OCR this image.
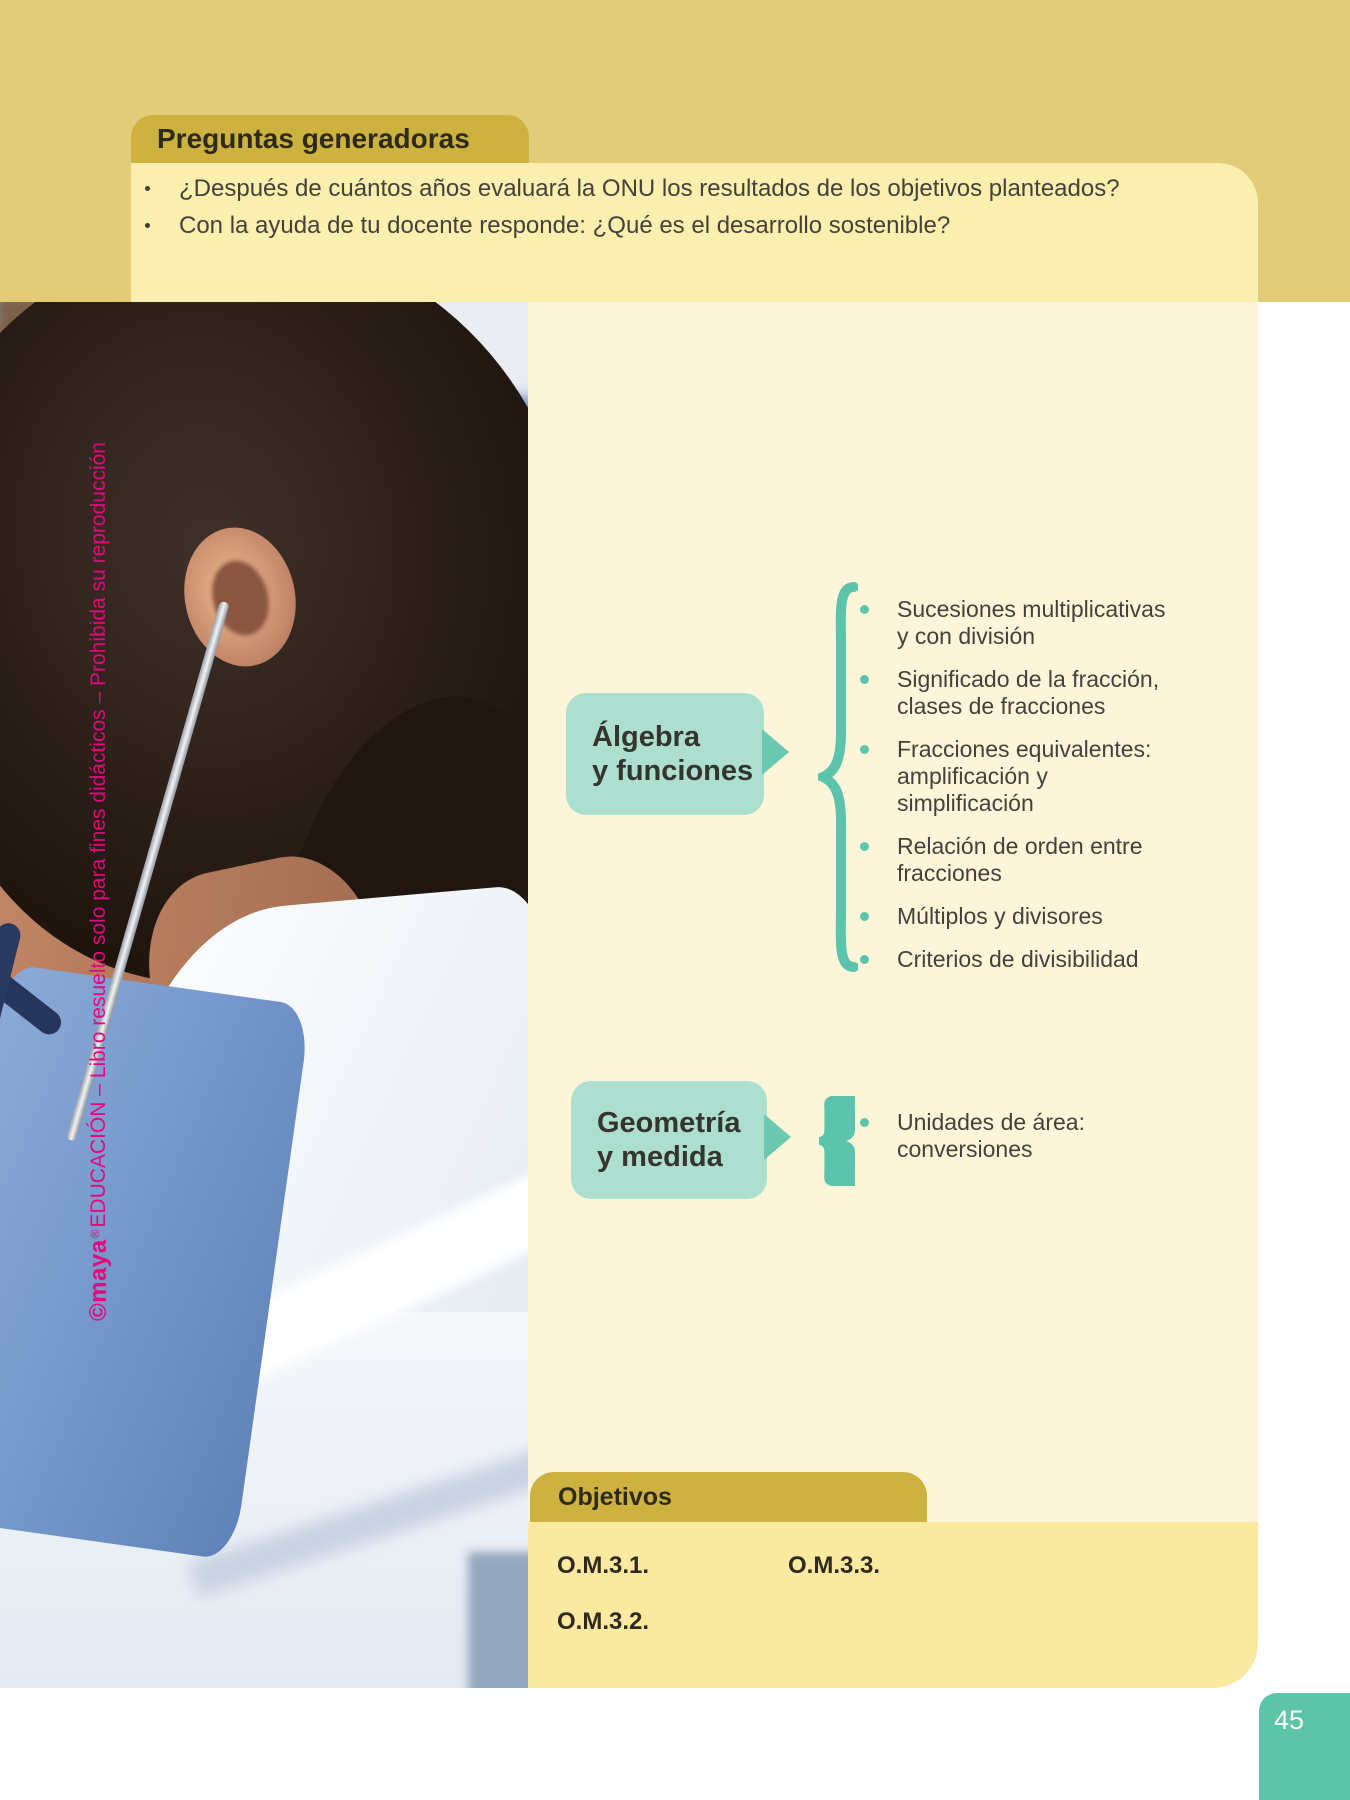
Preguntas generadoras
¿Después de cuántos años evaluará la ONU los resultados de los objetivos planteados?
Con la ayuda de tu docente responde: ¿Qué es el desarrollo sostenible?
©maya
®
EDUCACIÓN – Libro resuelto solo para fines didácticos – Prohibida su reproducción	Álgebra
y funciones
Sucesiones multiplicativas y con división
Significado de la fracción, clases de fracciones
Fracciones equivalentes: amplificación y simplificación
Relación de orden entre fracciones
Múltiplos y divisores
Criterios de divisibilidad
Geometría
y medida
Unidades de área: conversiones
Objetivos
O.M.3.1.	O.M.3.3.
O.M.3.2.
45
